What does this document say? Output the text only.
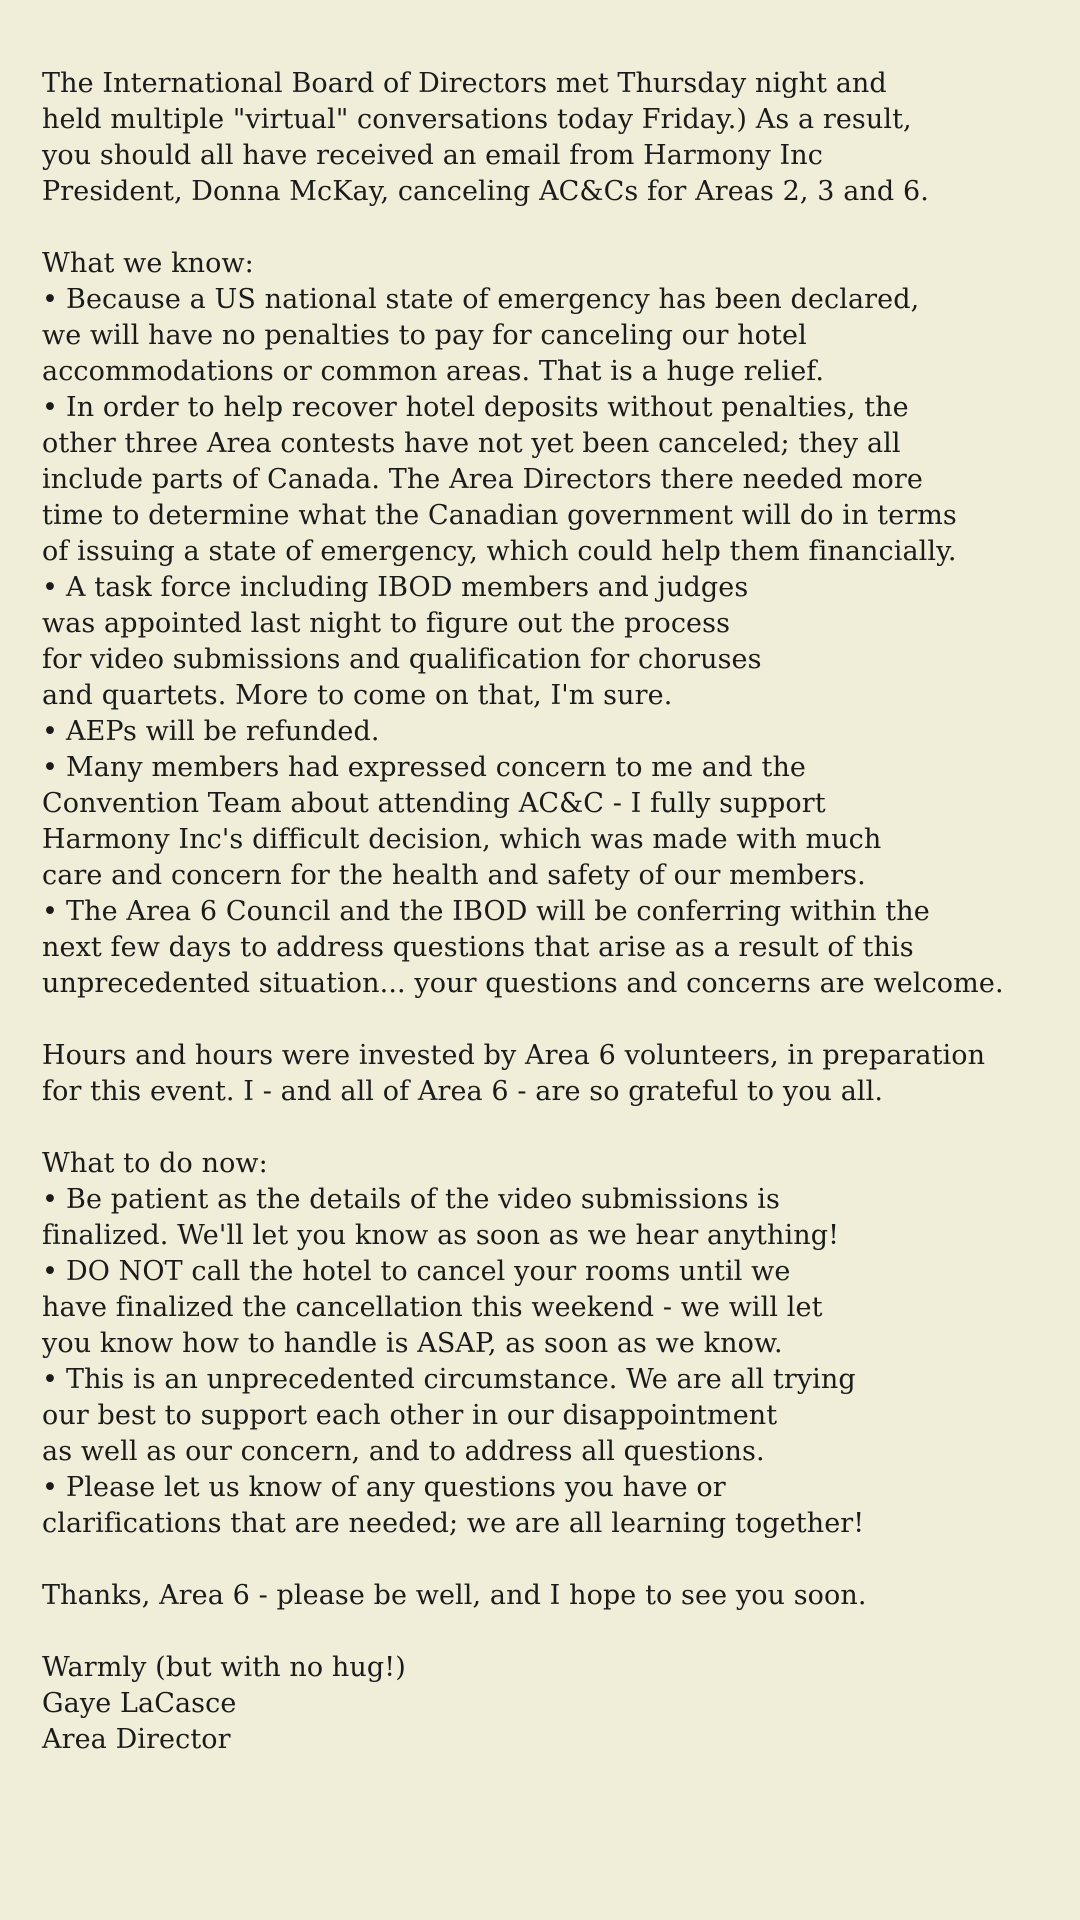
The International Board of Directors met Thursday night and
held multiple "virtual" conversations today Friday.) As a result,
you should all have received an email from Harmony Inc
President, Donna McKay, canceling AC&Cs for Areas 2, 3 and 6.
What we know:
• Because a US national state of emergency has been declared,
we will have no penalties to pay for canceling our hotel
accommodations or common areas. That is a huge relief.
• In order to help recover hotel deposits without penalties, the
other three Area contests have not yet been canceled; they all
include parts of Canada. The Area Directors there needed more
time to determine what the Canadian government will do in terms
of issuing a state of emergency, which could help them financially.
• A task force including IBOD members and judges
was appointed last night to figure out the process
for video submissions and qualification for choruses
and quartets. More to come on that, I'm sure.
• AEPs will be refunded.
• Many members had expressed concern to me and the
Convention Team about attending AC&C - I fully support
Harmony Inc's difficult decision, which was made with much
care and concern for the health and safety of our members.
• The Area 6 Council and the IBOD will be conferring within the
next few days to address questions that arise as a result of this
unprecedented situation... your questions and concerns are welcome.
Hours and hours were invested by Area 6 volunteers, in preparation
for this event. I - and all of Area 6 - are so grateful to you all.
What to do now:
• Be patient as the details of the video submissions is
finalized. We'll let you know as soon as we hear anything!
• DO NOT call the hotel to cancel your rooms until we
have finalized the cancellation this weekend - we will let
you know how to handle is ASAP, as soon as we know.
• This is an unprecedented circumstance. We are all trying
our best to support each other in our disappointment
as well as our concern, and to address all questions.
• Please let us know of any questions you have or
clarifications that are needed; we are all learning together!
Thanks, Area 6 - please be well, and I hope to see you soon.
Warmly (but with no hug!)
Gaye LaCasce
Area Director
